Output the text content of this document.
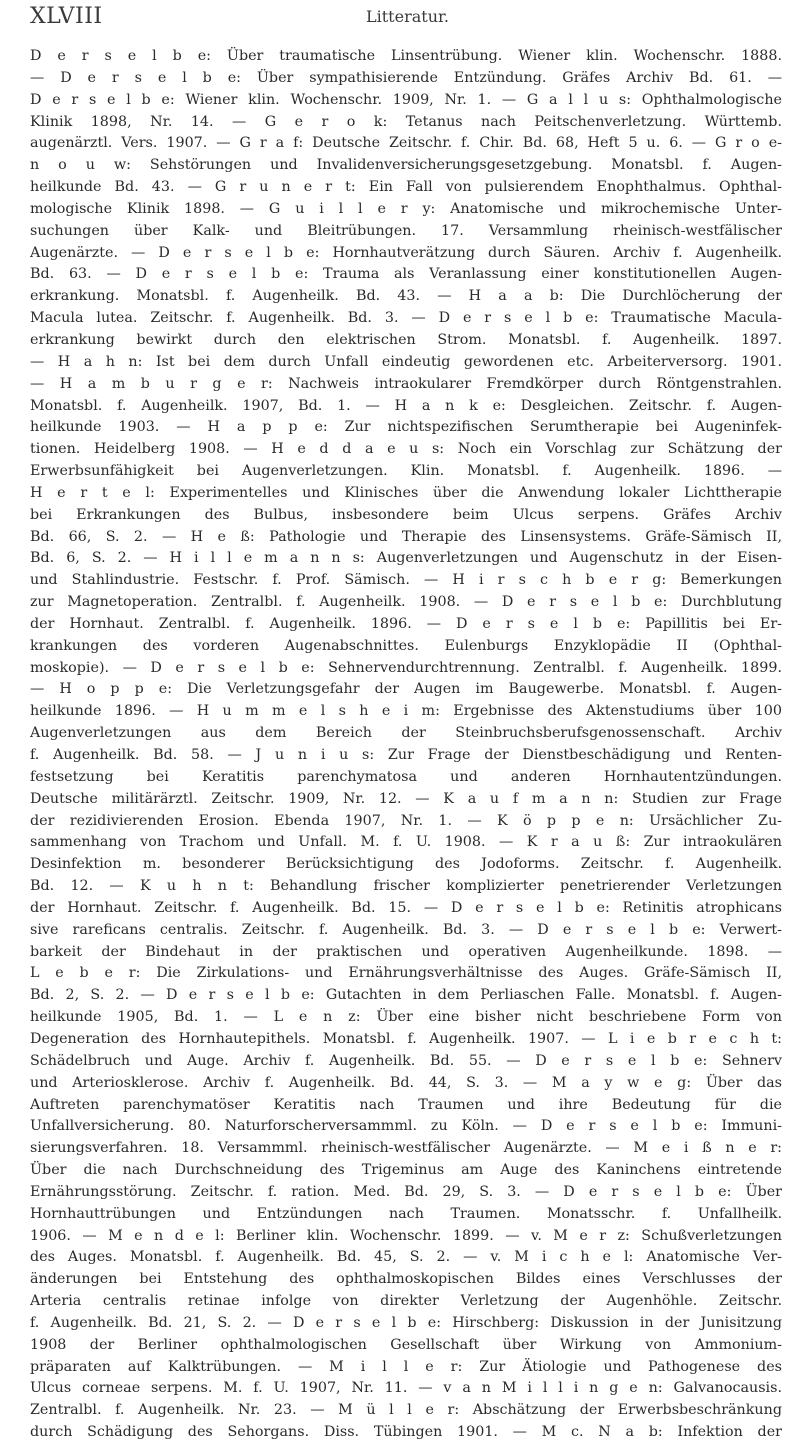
XLVIII	Litteratur.
D e r s e l b e: Über traumatische Linsentrübung. Wiener klin. Wochenschr. 1888.
— D e r s e l b e: Über sympathisierende Entzündung. Gräfes Archiv Bd. 61. —
D e r s e l b e: Wiener klin. Wochenschr. 1909, Nr. 1. — G a l l u s: Ophthalmologische
Klinik 1898, Nr. 14. — G e r o k: Tetanus nach Peitschenverletzung. Württemb.
augenärztl. Vers. 1907. — G r a f: Deutsche Zeitschr. f. Chir. Bd. 68, Heft 5 u. 6. — G r o e-
n o u w: Sehstörungen und Invalidenversicherungsgesetzgebung. Monatsbl. f. Augen-
heilkunde Bd. 43. — G r u n e r t: Ein Fall von pulsierendem Enophthalmus. Ophthal-
mologische Klinik 1898. — G u i l l e r y: Anatomische und mikrochemische Unter-
suchungen über Kalk- und Bleitrübungen. 17. Versammlung rheinisch-westfälischer
Augenärzte. — D e r s e l b e: Hornhautverätzung durch Säuren. Archiv f. Augenheilk.
Bd. 63. — D e r s e l b e: Trauma als Veranlassung einer konstitutionellen Augen-
erkrankung. Monatsbl. f. Augenheilk. Bd. 43. — H a a b: Die Durchlöcherung der
Macula lutea. Zeitschr. f. Augenheilk. Bd. 3. — D e r s e l b e: Traumatische Macula-
erkrankung bewirkt durch den elektrischen Strom. Monatsbl. f. Augenheilk. 1897.
— H a h n: Ist bei dem durch Unfall eindeutig gewordenen etc. Arbeiterversorg. 1901.
— H a m b u r g e r: Nachweis intraokularer Fremdkörper durch Röntgenstrahlen.
Monatsbl. f. Augenheilk. 1907, Bd. 1. — H a n k e: Desgleichen. Zeitschr. f. Augen-
heilkunde 1903. — H a p p e: Zur nichtspezifischen Serumtherapie bei Augeninfek-
tionen. Heidelberg 1908. — H e d d a e u s: Noch ein Vorschlag zur Schätzung der
Erwerbsunfähigkeit bei Augenverletzungen. Klin. Monatsbl. f. Augenheilk. 1896. —
H e r t e l: Experimentelles und Klinisches über die Anwendung lokaler Lichttherapie
bei Erkrankungen des Bulbus, insbesondere beim Ulcus serpens. Gräfes Archiv
Bd. 66, S. 2. — H e ß: Pathologie und Therapie des Linsensystems. Gräfe-Sämisch II,
Bd. 6, S. 2. — H i l l e m a n n s: Augenverletzungen und Augenschutz in der Eisen-
und Stahlindustrie. Festschr. f. Prof. Sämisch. — H i r s c h b e r g: Bemerkungen
zur Magnetoperation. Zentralbl. f. Augenheilk. 1908. — D e r s e l b e: Durchblutung
der Hornhaut. Zentralbl. f. Augenheilk. 1896. — D e r s e l b e: Papillitis bei Er-
krankungen des vorderen Augenabschnittes. Eulenburgs Enzyklopädie II (Ophthal-
moskopie). — D e r s e l b e: Sehnervendurchtrennung. Zentralbl. f. Augenheilk. 1899.
— H o p p e: Die Verletzungsgefahr der Augen im Baugewerbe. Monatsbl. f. Augen-
heilkunde 1896. — H u m m e l s h e i m: Ergebnisse des Aktenstudiums über 100
Augenverletzungen aus dem Bereich der Steinbruchsberufsgenossenschaft. Archiv
f. Augenheilk. Bd. 58. — J u n i u s: Zur Frage der Dienstbeschädigung und Renten-
festsetzung bei Keratitis parenchymatosa und anderen Hornhautentzündungen.
Deutsche militärärztl. Zeitschr. 1909, Nr. 12. — K a u f m a n n: Studien zur Frage
der rezidivierenden Erosion. Ebenda 1907, Nr. 1. — K ö p p e n: Ursächlicher Zu-
sammenhang von Trachom und Unfall. M. f. U. 1908. — K r a u ß: Zur intraokulären
Desinfektion m. besonderer Berücksichtigung des Jodoforms. Zeitschr. f. Augenheilk.
Bd. 12. — K u h n t: Behandlung frischer komplizierter penetrierender Verletzungen
der Hornhaut. Zeitschr. f. Augenheilk. Bd. 15. — D e r s e l b e: Retinitis atrophicans
sive rareficans centralis. Zeitschr. f. Augenheilk. Bd. 3. — D e r s e l b e: Verwert-
barkeit der Bindehaut in der praktischen und operativen Augenheilkunde. 1898. —
L e b e r: Die Zirkulations- und Ernährungsverhältnisse des Auges. Gräfe-Sämisch II,
Bd. 2, S. 2. — D e r s e l b e: Gutachten in dem Perliaschen Falle. Monatsbl. f. Augen-
heilkunde 1905, Bd. 1. — L e n z: Über eine bisher nicht beschriebene Form von
Degeneration des Hornhautepithels. Monatsbl. f. Augenheilk. 1907. — L i e b r e c h t:
Schädelbruch und Auge. Archiv f. Augenheilk. Bd. 55. — D e r s e l b e: Sehnerv
und Arteriosklerose. Archiv f. Augenheilk. Bd. 44, S. 3. — M a y w e g: Über das
Auftreten parenchymatöser Keratitis nach Traumen und ihre Bedeutung für die
Unfallversicherung. 80. Naturforscherversammml. zu Köln. — D e r s e l b e: Immuni-
sierungsverfahren. 18. Versammml. rheinisch-westfälischer Augenärzte. — M e i ß n e r:
Über die nach Durchschneidung des Trigeminus am Auge des Kaninchens eintretende
Ernährungsstörung. Zeitschr. f. ration. Med. Bd. 29, S. 3. — D e r s e l b e: Über
Hornhauttrübungen und Entzündungen nach Traumen. Monatsschr. f. Unfallheilk.
1906. — M e n d e l: Berliner klin. Wochenschr. 1899. — v. M e r z: Schußverletzungen
des Auges. Monatsbl. f. Augenheilk. Bd. 45, S. 2. — v. M i c h e l: Anatomische Ver-
änderungen bei Entstehung des ophthalmoskopischen Bildes eines Verschlusses der
Arteria centralis retinae infolge von direkter Verletzung der Augenhöhle. Zeitschr.
f. Augenheilk. Bd. 21, S. 2. — D e r s e l b e: Hirschberg: Diskussion in der Junisitzung
1908 der Berliner ophthalmologischen Gesellschaft über Wirkung von Ammonium-
präparaten auf Kalktrübungen. — M i l l e r: Zur Ätiologie und Pathogenese des
Ulcus corneae serpens. M. f. U. 1907, Nr. 11. — v a n M i l l i n g e n: Galvanocausis.
Zentralbl. f. Augenheilk. Nr. 23. — M ü l l e r: Abschätzung der Erwerbsbeschränkung
durch Schädigung des Sehorgans. Diss. Tübingen 1901. — M c. N a b: Infektion der
